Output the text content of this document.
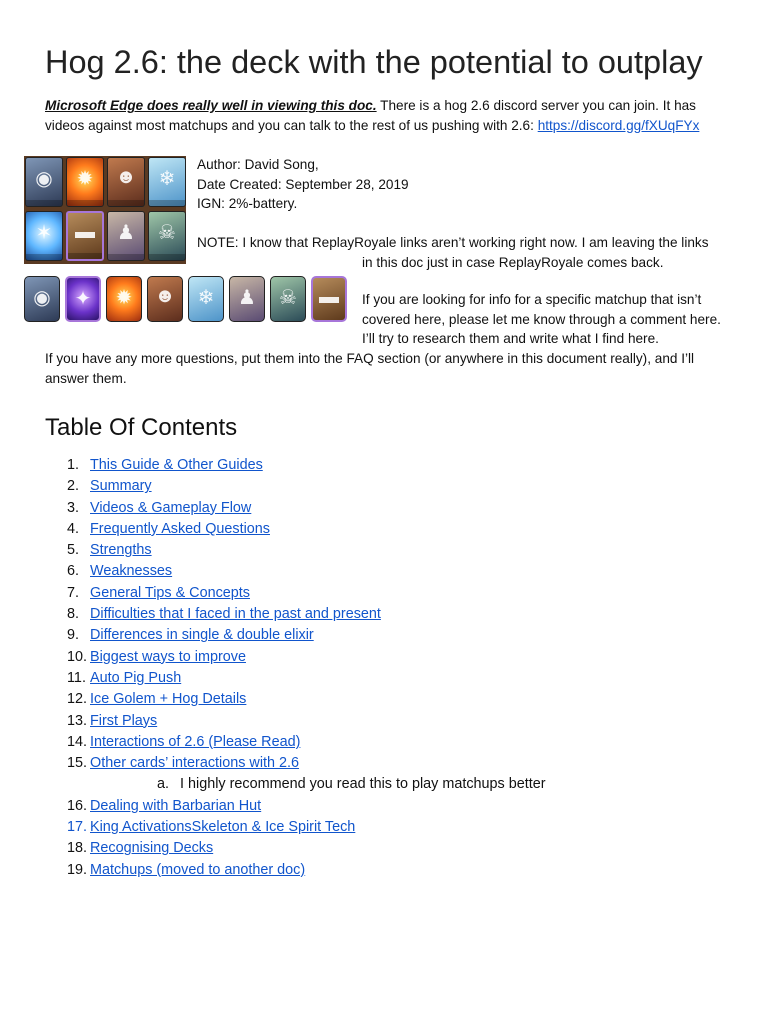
Hog 2.6: the deck with the potential to outplay

Microsoft Edge does really well in viewing this doc. There is a hog 2.6 discord server you can join. It has videos against most matchups and you can talk to the rest of us pushing with 2.6: https://discord.gg/fXUqFYx

◉	✹	☻	❄
✶	▬	♟	☠
◉	✦	✹	☻	❄	♟	☠	▬
Author: David Song,
Date Created: September 28, 2019
IGN: 2%-battery.

NOTE: I know that ReplayRoyale links aren’t working right now. I am leaving the links
in this doc just in case ReplayRoyale comes back.

If you are looking for info for a specific matchup that isn’t covered here, please let me know through a comment here. I’ll try to research them and write what I find here.

If you have any more questions, put them into the FAQ section (or anywhere in this document really), and I’ll answer them.

Table Of Contents
1. This Guide & Other Guides
2. Summary
3. Videos & Gameplay Flow
4. Frequently Asked Questions
5. Strengths
6. Weaknesses
7. General Tips & Concepts
8. Difficulties that I faced in the past and present
9. Differences in single & double elixir
10. Biggest ways to improve
11. Auto Pig Push
12. Ice Golem + Hog Details
13. First Plays
14. Interactions of 2.6 (Please Read)
15. Other cards’ interactions with 2.6
a. I highly recommend you read this to play matchups better
16. Dealing with Barbarian Hut
17. King ActivationsSkeleton & Ice Spirit Tech
18. Recognising Decks
19. Matchups (moved to another doc)
